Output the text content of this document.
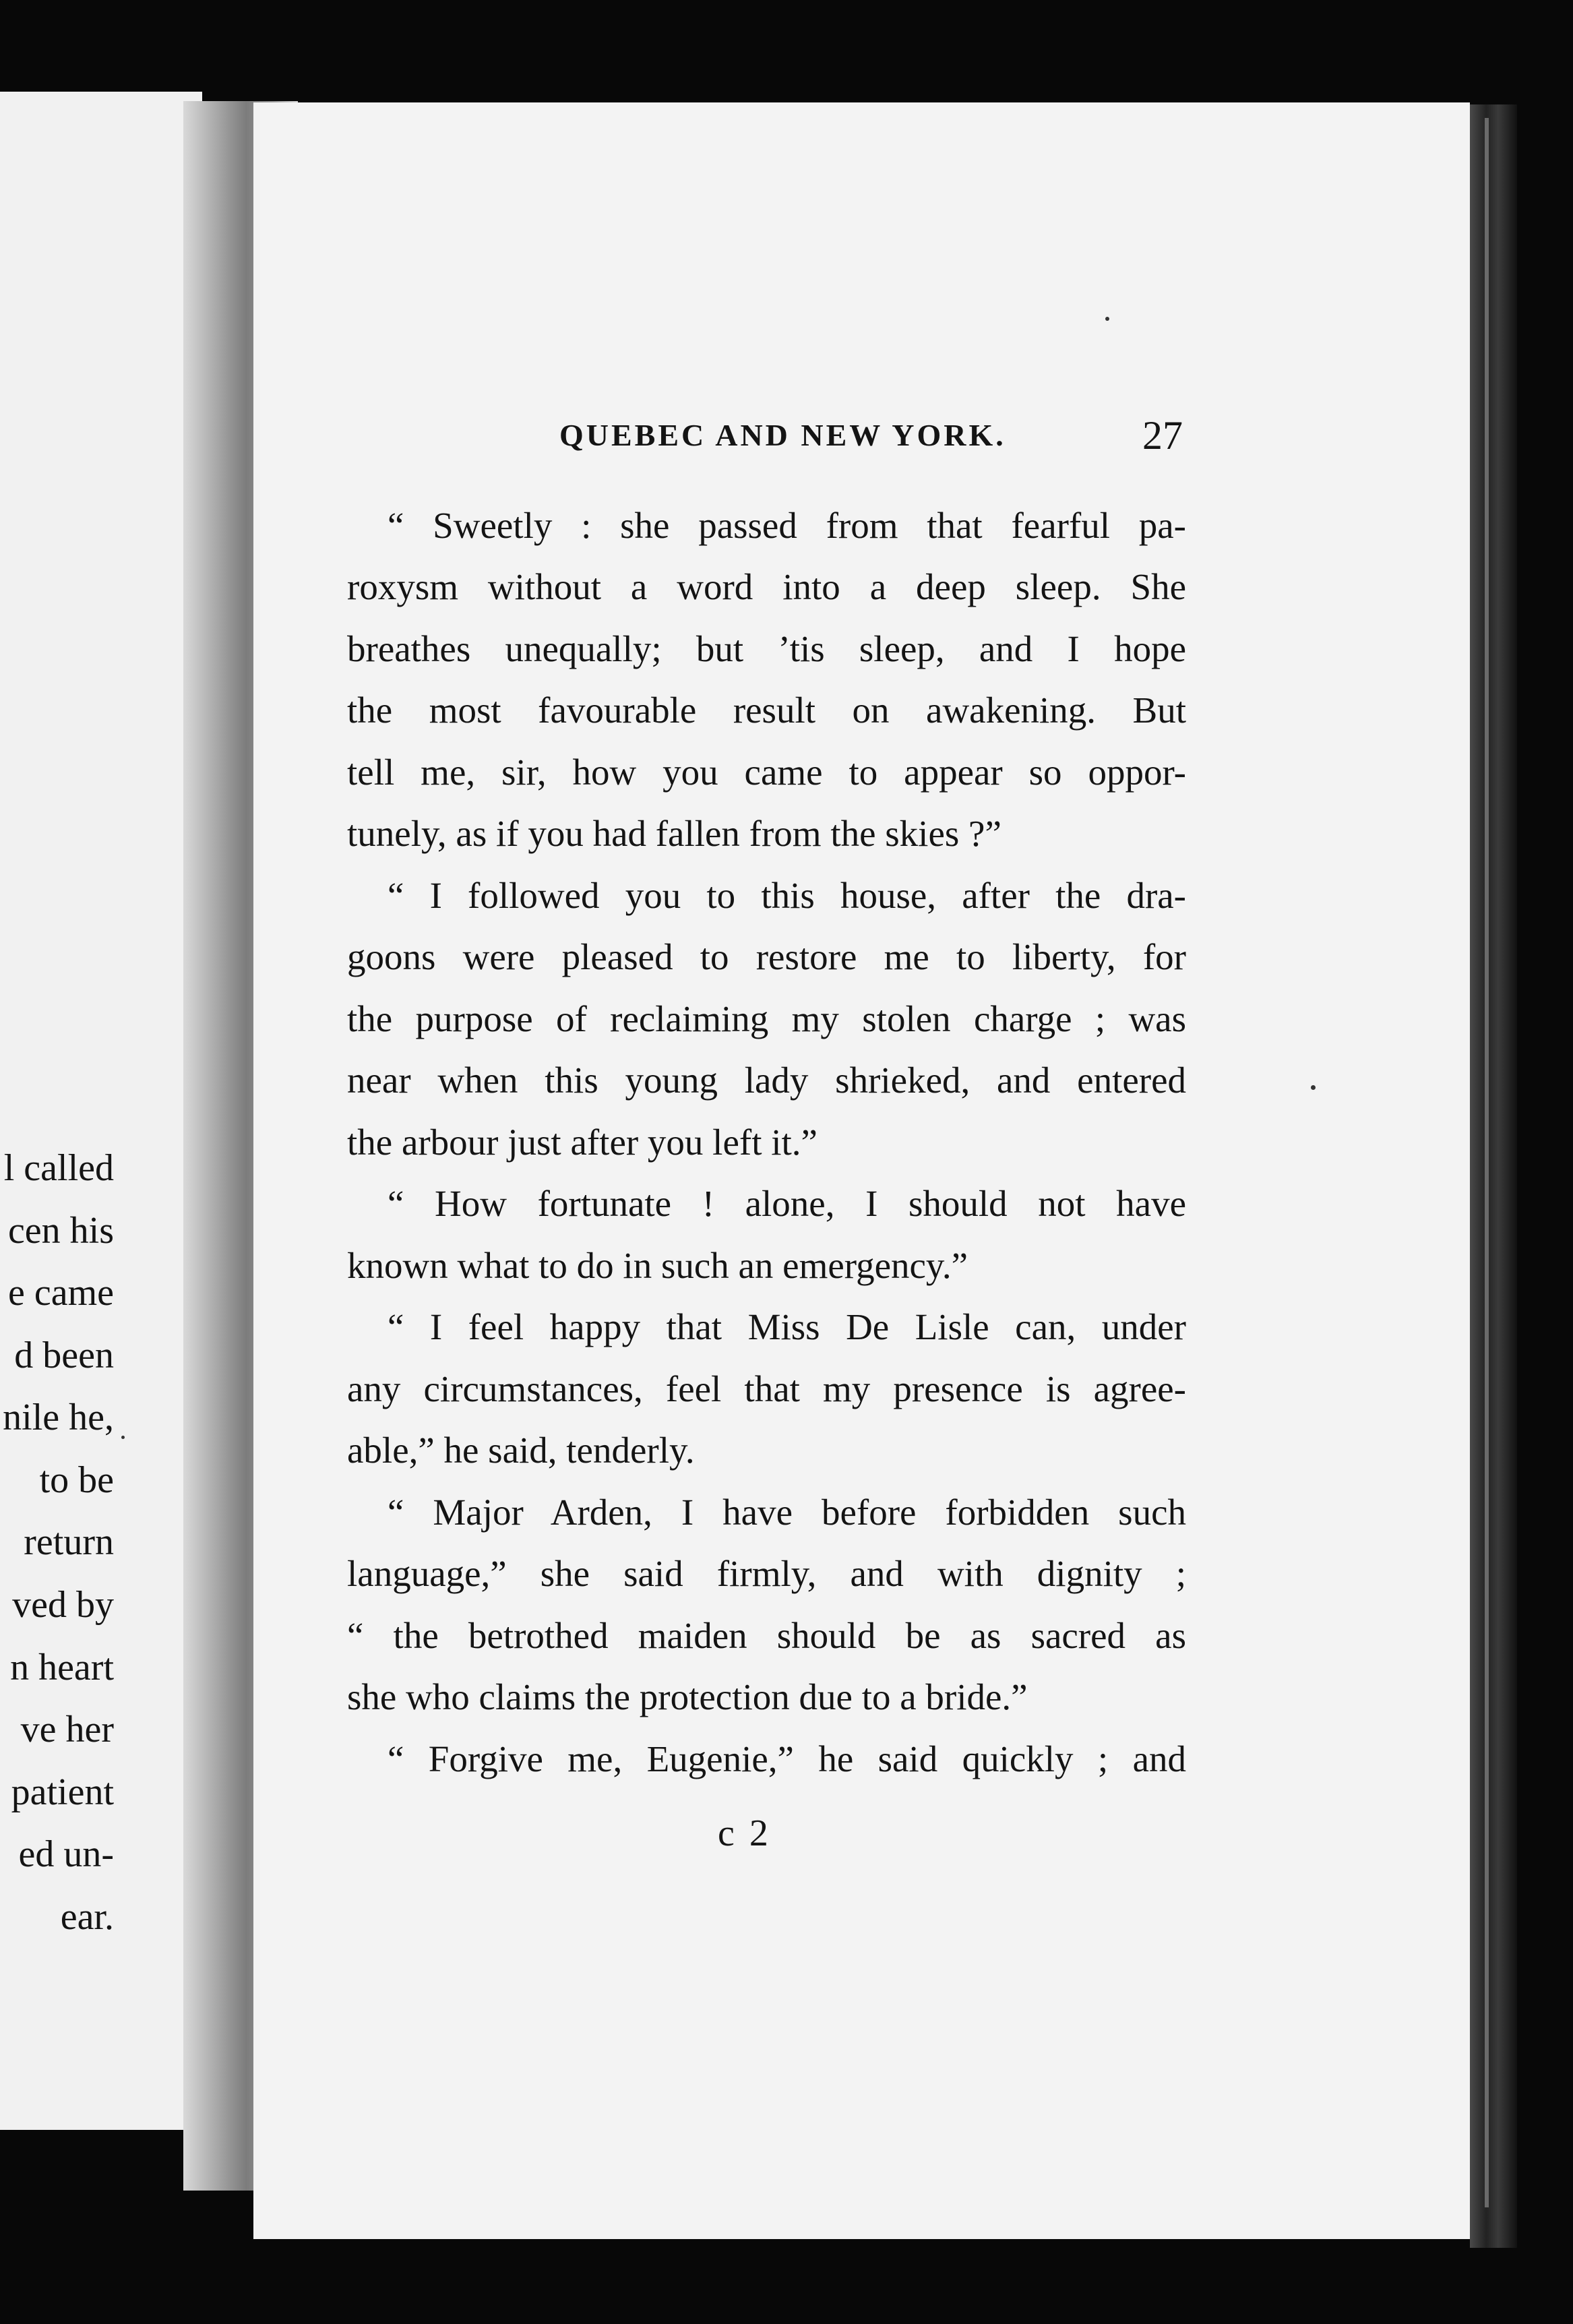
l called
cen his
e came
d been
nile he,
to be
return
ved by
n heart
ve her
patient
ed un-
ear.
QUEBEC AND NEW YORK.	27
“ Sweetly : she passed from that fearful pa-
roxysm without a word into a deep sleep. She
breathes unequally; but ’tis sleep, and I hope
the most favourable result on awakening. But
tell me, sir, how you came to appear so oppor-
tunely, as if you had fallen from the skies ?”
“ I followed you to this house, after the dra-
goons were pleased to restore me to liberty, for
the purpose of reclaiming my stolen charge ; was
near when this young lady shrieked, and entered
the arbour just after you left it.”
“ How fortunate ! alone, I should not have
known what to do in such an emergency.”
“ I feel happy that Miss De Lisle can, under
any circumstances, feel that my presence is agree-
able,” he said, tenderly.
“ Major Arden, I have before forbidden such
language,” she said firmly, and with dignity ;
“ the betrothed maiden should be as sacred as
she who claims the protection due to a bride.”
“ Forgive me, Eugenie,” he said quickly ; and
c 2
